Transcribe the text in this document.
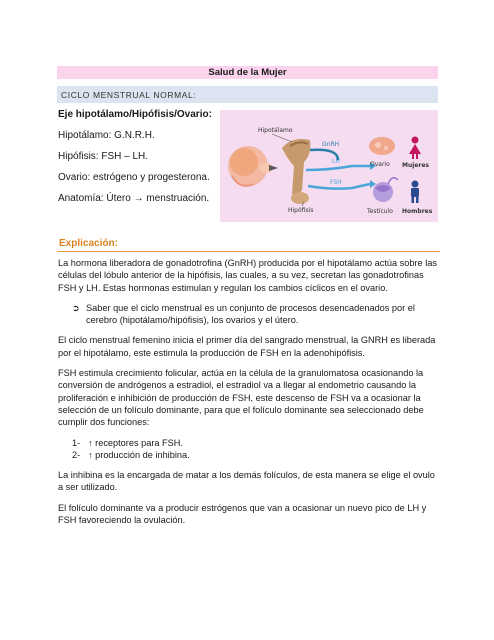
Salud de la Mujer
CICLO MENSTRUAL NORMAL:

Eje hipotálamo/Hipófisis/Ovario:

Hipotálamo: G.N.R.H.

Hipófisis: FSH – LH.

Ovario: estrógeno y progesterona.

Anatomía: Útero → menstruación.

Hipotálamo
GnRH
LH
FSH
Hipófisis
Ovario Mujeres
Testículo Hombres
Explicación:

La hormona liberadora de gonadotrofina (GnRH) producida por el hipotálamo actúa sobre las células del lóbulo anterior de la hipófisis, las cuales, a su vez, secretan las gonadotrofinas FSH y LH. Estas hormonas estimulan y regulan los cambios cíclicos en el ovario.

➲ Saber que el ciclo menstrual es un conjunto de procesos desencadenados por el cerebro (hipotálamo/hipófisis), los ovarios y el útero.

El ciclo menstrual femenino inicia el primer día del sangrado menstrual, la GNRH es liberada por el hipotálamo, este estimula la producción de FSH en la adenohipófisis.

FSH estimula crecimiento folicular, actúa en la célula de la granulomatosa ocasionando la conversión de andrógenos a estradiol, el estradiol va a llegar al endometrio causando la proliferación e inhibición de producción de FSH, este descenso de FSH va a ocasionar la selección de un folículo dominante, para que el folículo dominante sea seleccionado debe cumplir dos funciones:

1- ↑ receptores para FSH.
2- ↑ producción de inhibina.

La inhibina es la encargada de matar a los demás folículos, de esta manera se elige el ovulo a ser utilizado.

El folículo dominante va a producir estrógenos que van a ocasionar un nuevo pico de LH y FSH favoreciendo la ovulación.
